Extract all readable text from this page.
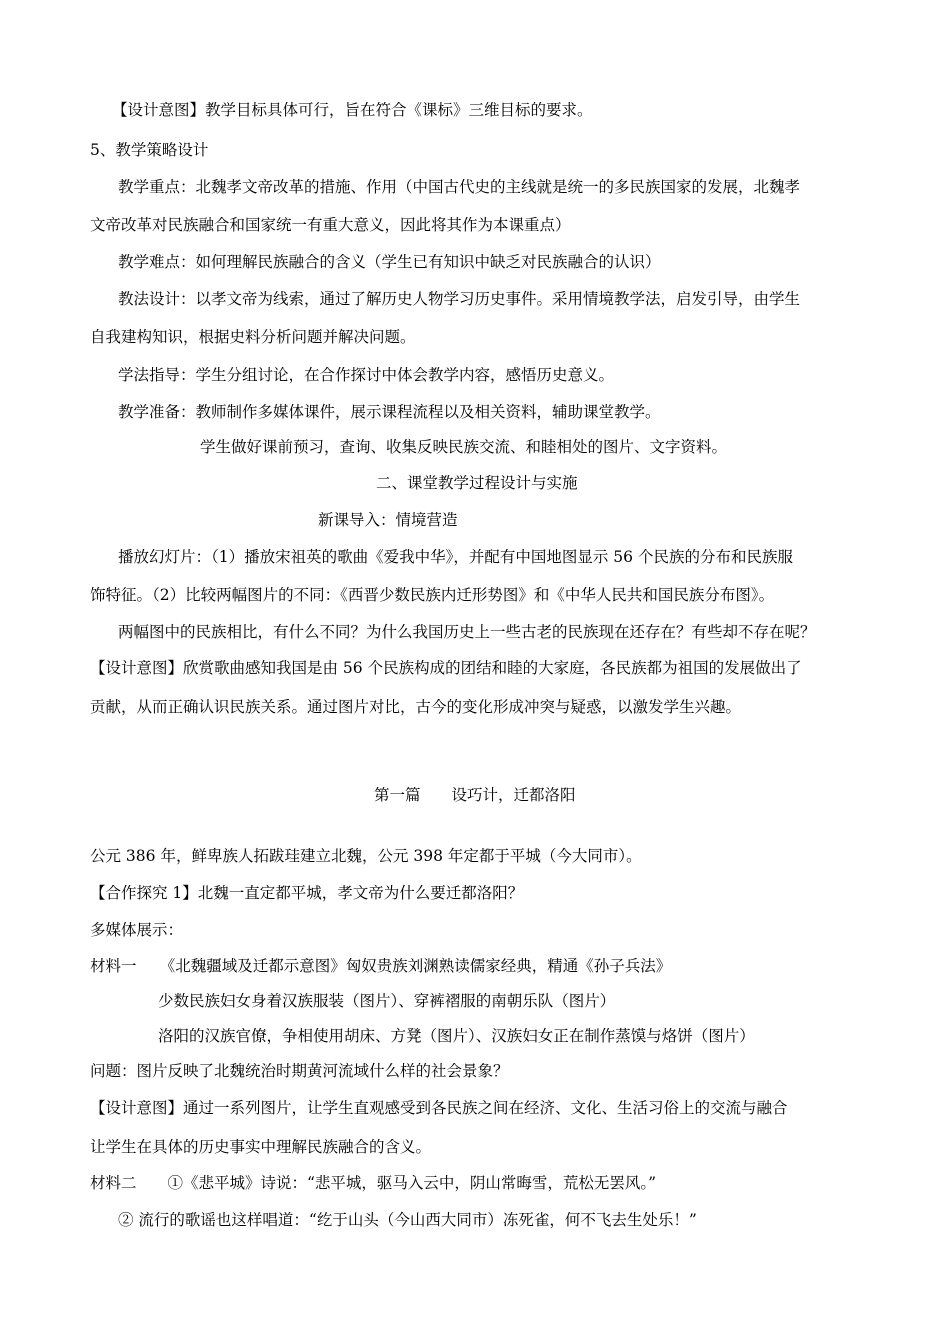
【设计意图】教学目标具体可行，旨在符合《课标》三维目标的要求。
5、教学策略设计
教学重点：北魏孝文帝改革的措施、作用（中国古代史的主线就是统一的多民族国家的发展，北魏孝
文帝改革对民族融合和国家统一有重大意义，因此将其作为本课重点）
教学难点：如何理解民族融合的含义（学生已有知识中缺乏对民族融合的认识）
教法设计：以孝文帝为线索，通过了解历史人物学习历史事件。采用情境教学法，启发引导，由学生
自我建构知识，根据史料分析问题并解决问题。
学法指导：学生分组讨论，在合作探讨中体会教学内容，感悟历史意义。
教学准备：教师制作多媒体课件，展示课程流程以及相关资料，辅助课堂教学。
学生做好课前预习，查询、收集反映民族交流、和睦相处的图片、文字资料。
二、课堂教学过程设计与实施
新课导入：情境营造
播放幻灯片：（1）播放宋祖英的歌曲《爱我中华》，并配有中国地图显示 56 个民族的分布和民族服
饰特征。（2）比较两幅图片的不同：《西晋少数民族内迁形势图》和《中华人民共和国民族分布图》。
两幅图中的民族相比，有什么不同？为什么我国历史上一些古老的民族现在还存在？有些却不存在呢？
【设计意图】欣赏歌曲感知我国是由 56 个民族构成的团结和睦的大家庭，各民族都为祖国的发展做出了
贡献，从而正确认识民族关系。通过图片对比，古今的变化形成冲突与疑惑，以激发学生兴趣。
第一篇　　设巧计，迁都洛阳
公元 386 年，鲜卑族人拓跋珪建立北魏，公元 398 年定都于平城（今大同市）。
【合作探究 1】北魏一直定都平城，孝文帝为什么要迁都洛阳？
多媒体展示：
材料一　　《北魏疆域及迁都示意图》匈奴贵族刘渊熟读儒家经典，精通《孙子兵法》
少数民族妇女身着汉族服装（图片）、穿裤褶服的南朝乐队（图片）
洛阳的汉族官僚，争相使用胡床、方凳（图片）、汉族妇女正在制作蒸馍与烙饼（图片）
问题：图片反映了北魏统治时期黄河流域什么样的社会景象？
【设计意图】通过一系列图片，让学生直观感受到各民族之间在经济、文化、生活习俗上的交流与融合
让学生在具体的历史事实中理解民族融合的含义。
材料二　　①《悲平城》诗说：“悲平城，驱马入云中，阴山常晦雪，荒松无罢风。”
② 流行的歌谣也这样唱道：“纥于山头（今山西大同市）冻死雀，何不飞去生处乐！”
